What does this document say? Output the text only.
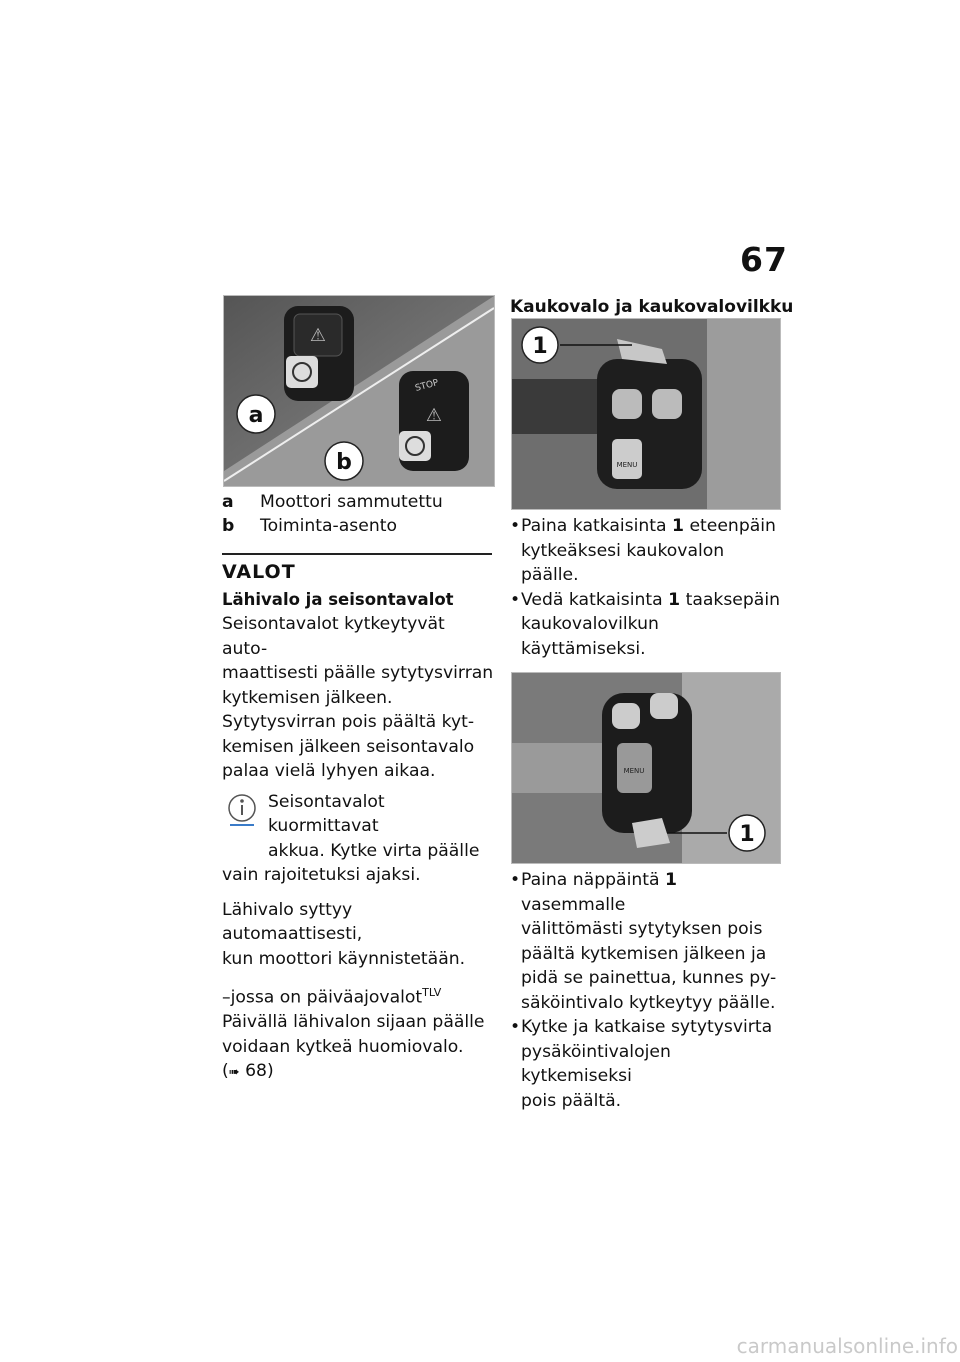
67
⚠
STOP
⚠
a
b
a	Moottori sammutettu
b	Toiminta-asento
VALOT
Lähivalo ja seisontavalot
Seisontavalot kytkeytyvät auto-
maattisesti päälle sytytysvirran
kytkemisen jälkeen.
Sytytysvirran pois päältä kyt-
kemisen jälkeen seisontavalo
palaa vielä lyhyen aikaa.
Seisontavalot kuormittavat
akkua. Kytke virta päälle
vain rajoitetuksi ajaksi.
Lähivalo syttyy automaattisesti,
kun moottori käynnistetään.
–jossa on päiväajovalot$^{TLV}$
Päivällä lähivalon sijaan päälle
voidaan kytkeä huomiovalo.
(➠ 68)
Kaukovalo ja kaukovalovilkku
MENU
1
• Paina katkaisinta 1 eteenpäin
kytkeäksesi kaukovalon päälle.
• Vedä katkaisinta 1 taaksepäin
kaukovalovilkun käyttämiseksi.
MENU
1
• Paina näppäintä 1 vasemmalle
välittömästi sytytyksen pois
päältä kytkemisen jälkeen ja
pidä se painettua, kunnes py-
säköintivalo kytkeytyy päälle.
• Kytke ja katkaise sytytysvirta
pysäköintivalojen kytkemiseksi
pois päältä.
carmanualsonline.info
